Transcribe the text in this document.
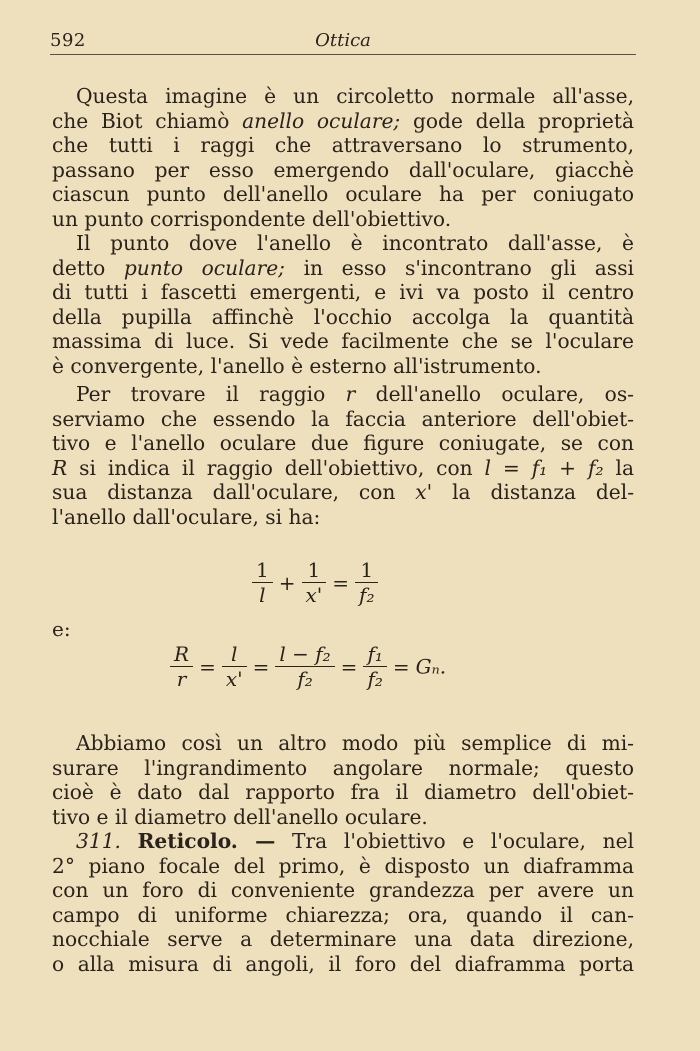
592	Ottica
Questa imagine è un circoletto normale all'asse,
che Biot chiamò anello oculare; gode della proprietà
che tutti i raggi che attraversano lo strumento,
passano per esso emergendo dall'oculare, giacchè
ciascun punto dell'anello oculare ha per coniugato
un punto corrispondente dell'obiettivo.
Il punto dove l'anello è incontrato dall'asse, è
detto punto oculare; in esso s'incontrano gli assi
di tutti i fascetti emergenti, e ivi va posto il centro
della pupilla affinchè l'occhio accolga la quantità
massima di luce. Si vede facilmente che se l'oculare
è convergente, l'anello è esterno all'istrumento.
Per trovare il raggio r dell'anello oculare, os-
serviamo che essendo la faccia anteriore dell'obiet-
tivo e l'anello oculare due figure coniugate, se con
R si indica il raggio dell'obiettivo, con l = f₁ + f₂ la
sua distanza dall'oculare, con x' la distanza del-
l'anello dall'oculare, si ha:
$\frac{1}{l} + \frac{1}{x'} = \frac{1}{\text{f₂}}$
e:
$\frac{R}{r} = \frac{l}{x'} = \frac{\text{l − f₂}}{\text{f₂}} = \frac{\text{f₁}}{\text{f₂}} = G_n$.
Abbiamo così un altro modo più semplice di mi-
surare l'ingrandimento angolare normale; questo
cioè è dato dal rapporto fra il diametro dell'obiet-
tivo e il diametro dell'anello oculare.
311. Reticolo. — Tra l'obiettivo e l'oculare, nel
2° piano focale del primo, è disposto un diaframma
con un foro di conveniente grandezza per avere un
campo di uniforme chiarezza; ora, quando il can-
nocchiale serve a determinare una data direzione,
o alla misura di angoli, il foro del diaframma porta
